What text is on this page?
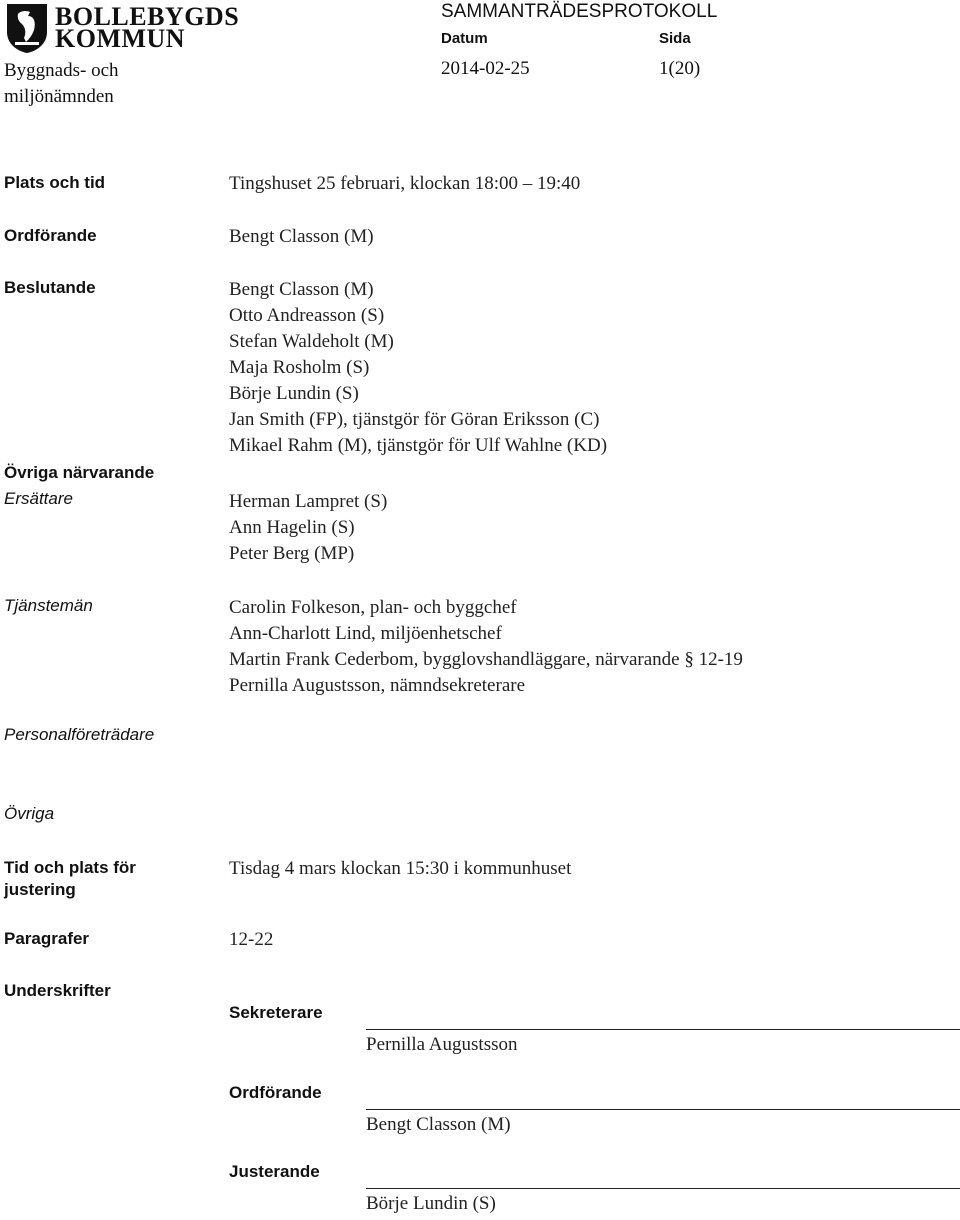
BOLLEBYGDS
KOMMUN
Byggnads- och
miljönämnden
SAMMANTRÄDESPROTOKOLL
Datum	Sida
2014-02-25	1(20)
Plats och tid	Tingshuset 25 februari, klockan 18:00 – 19:40
Ordförande	Bengt Classon (M)
Beslutande	Bengt Classon (M)
Otto Andreasson (S)
Stefan Waldeholt (M)
Maja Rosholm (S)
Börje Lundin (S)
Jan Smith (FP), tjänstgör för Göran Eriksson (C)
Mikael Rahm (M), tjänstgör för Ulf Wahlne (KD)
Övriga närvarande
Ersättare	Herman Lampret (S)
Ann Hagelin (S)
Peter Berg (MP)
Tjänstemän	Carolin Folkeson, plan- och byggchef
Ann-Charlott Lind, miljöenhetschef
Martin Frank Cederbom, bygglovshandläggare, närvarande § 12-19
Pernilla Augustsson, nämndsekreterare
Personalföreträdare
Övriga
Tid och plats för
justering
Tisdag 4 mars klockan 15:30 i kommunhuset
Paragrafer	12-22
Underskrifter
Sekreterare
Pernilla Augustsson
Ordförande
Bengt Classon (M)
Justerande
Börje Lundin (S)
